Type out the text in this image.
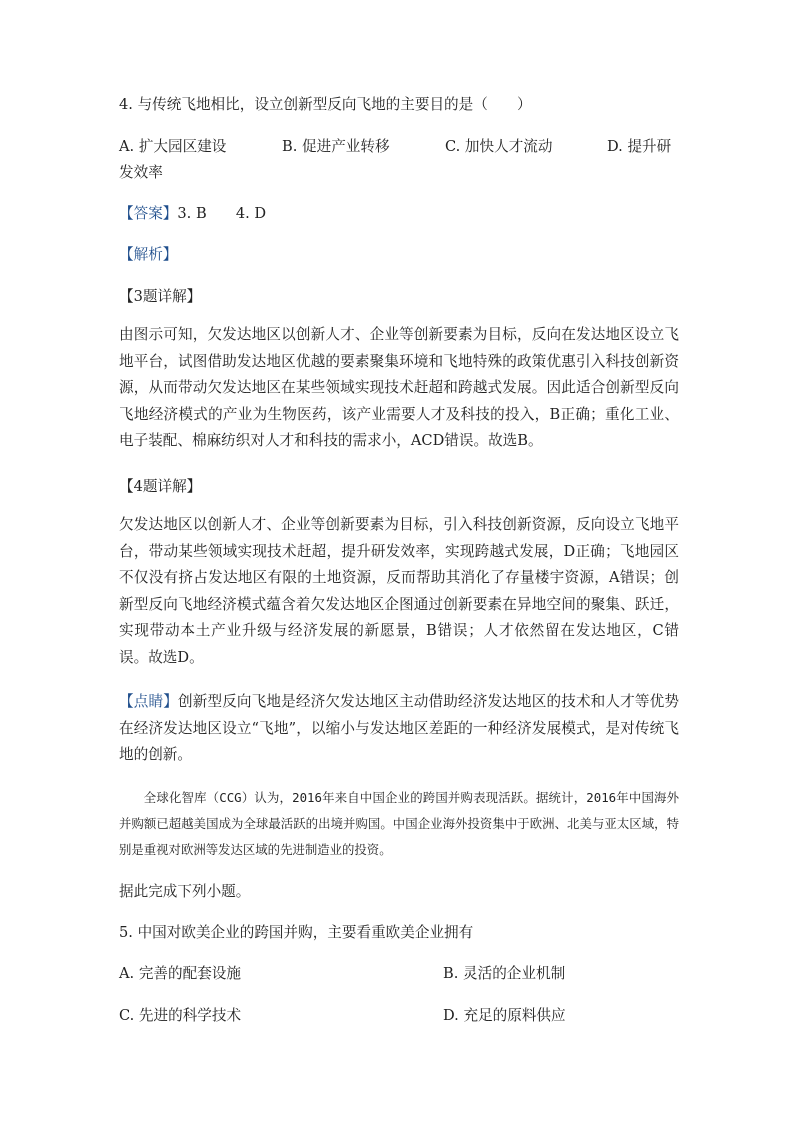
4. 与传统飞地相比，设立创新型反向飞地的主要目的是（　　）
A. 扩大园区建设	B. 促进产业转移	C. 加快人才流动	D. 提升研
发效率
【答案】3. B　　4. D
【解析】
【3题详解】
由图示可知，欠发达地区以创新人才、企业等创新要素为目标，反向在发达地区设立飞地平台，试图借助发达地区优越的要素聚集环境和飞地特殊的政策优惠引入科技创新资源，从而带动欠发达地区在某些领域实现技术赶超和跨越式发展。因此适合创新型反向飞地经济模式的产业为生物医药，该产业需要人才及科技的投入，B正确；重化工业、电子装配、棉麻纺织对人才和科技的需求小，ACD错误。故选B。
【4题详解】
欠发达地区以创新人才、企业等创新要素为目标，引入科技创新资源，反向设立飞地平台，带动某些领域实现技术赶超，提升研发效率，实现跨越式发展，D正确；飞地园区不仅没有挤占发达地区有限的土地资源，反而帮助其消化了存量楼宇资源，A错误；创新型反向飞地经济模式蕴含着欠发达地区企图通过创新要素在异地空间的聚集、跃迁，实现带动本土产业升级与经济发展的新愿景，B错误；人才依然留在发达地区，C错误。故选D。
【点睛】创新型反向飞地是经济欠发达地区主动借助经济发达地区的技术和人才等优势在经济发达地区设立“飞地”，以缩小与发达地区差距的一种经济发展模式，是对传统飞地的创新。
全球化智库（CCG）认为，2016年来自中国企业的跨国并购表现活跃。据统计，2016年中国海外并购额已超越美国成为全球最活跃的出境并购国。中国企业海外投资集中于欧洲、北美与亚太区域，特别是重视对欧洲等发达区域的先进制造业的投资。
据此完成下列小题。
5. 中国对欧美企业的跨国并购，主要看重欧美企业拥有
A. 完善的配套设施	B. 灵活的企业机制
C. 先进的科学技术	D. 充足的原料供应
